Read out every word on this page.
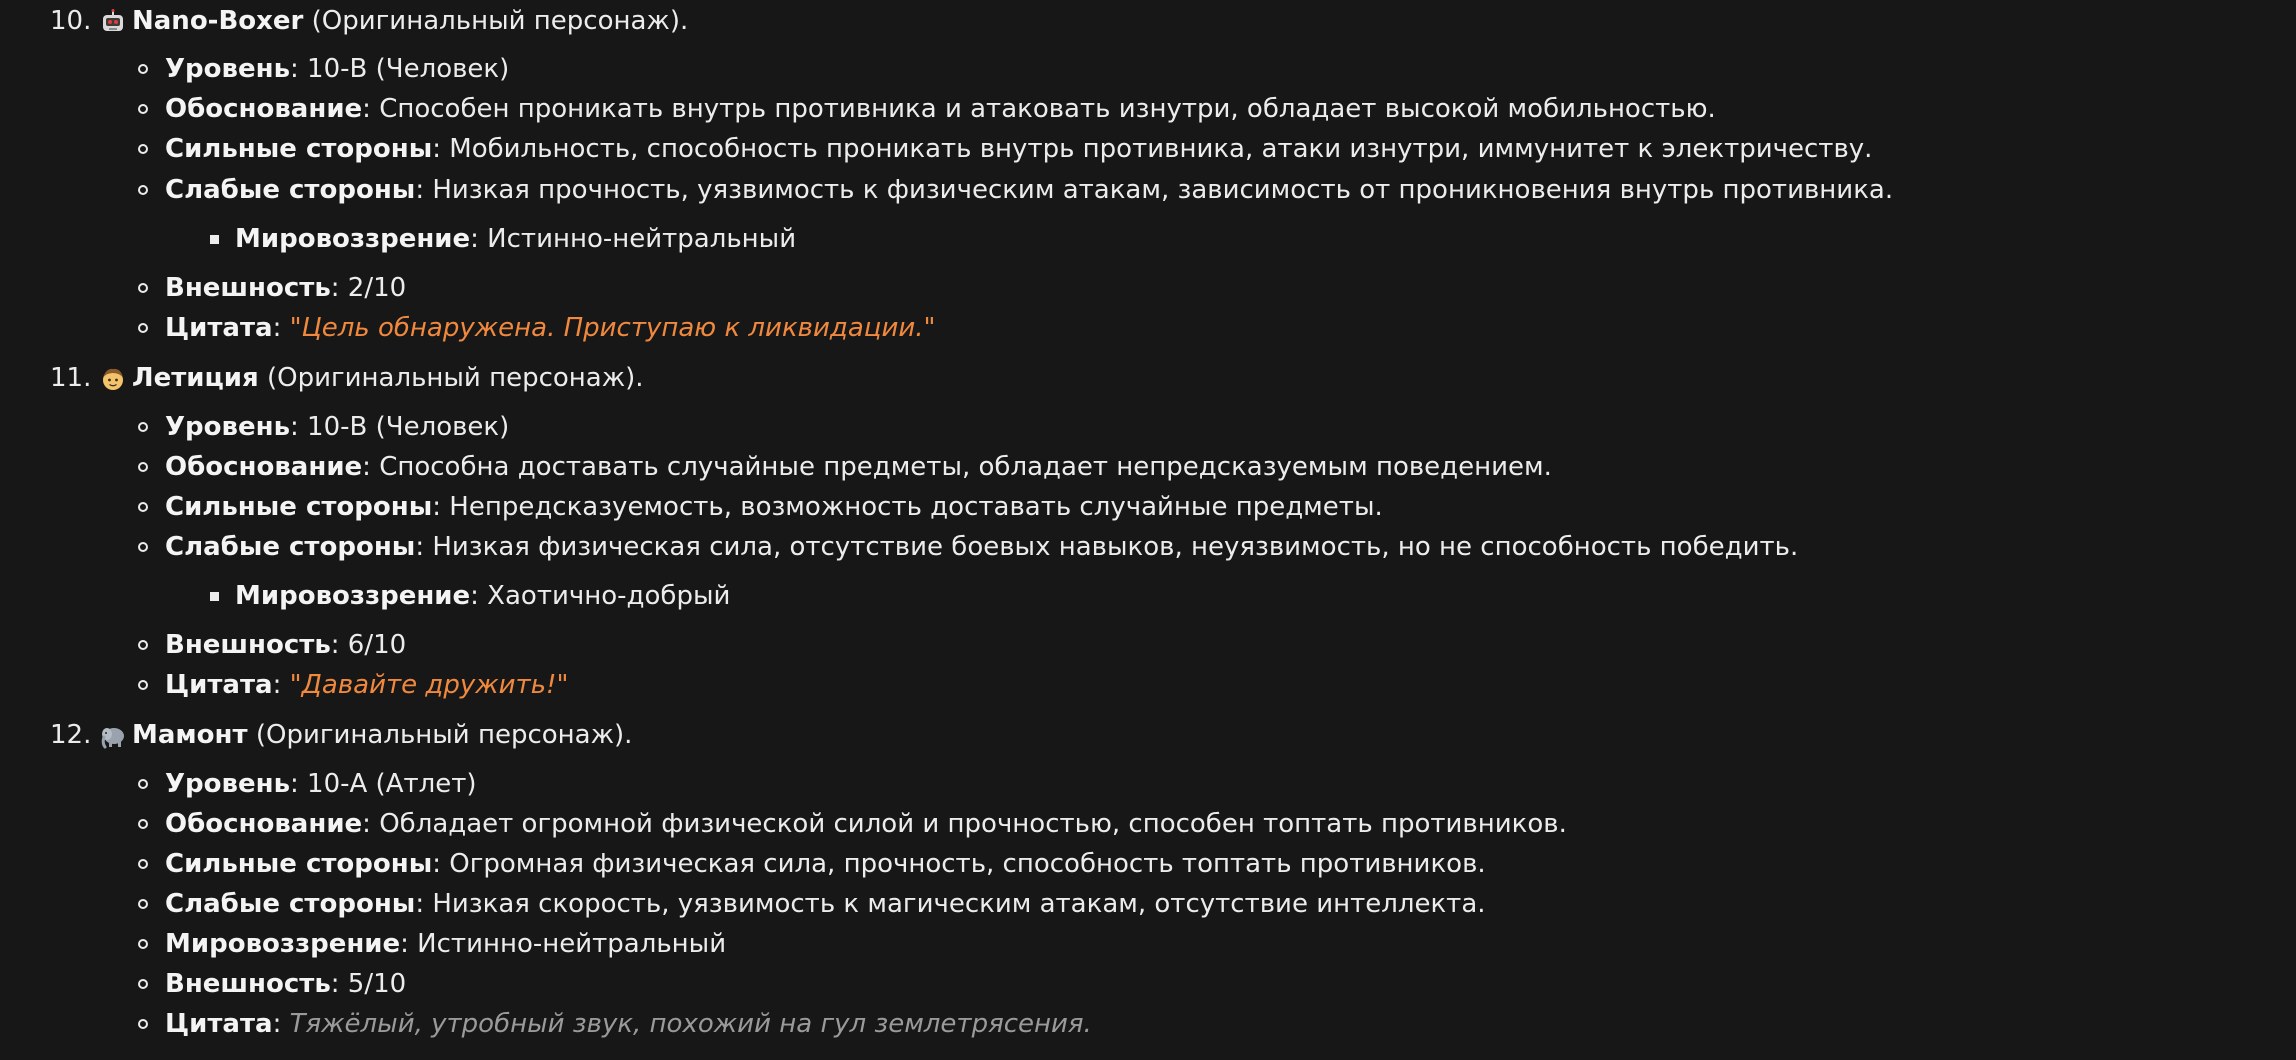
10. Nano-Boxer (Оригинальный персонаж).
Уровень: 10-B (Человек)
Обоснование: Способен проникать внутрь противника и атаковать изнутри, обладает высокой мобильностью.
Сильные стороны: Мобильность, способность проникать внутрь противника, атаки изнутри, иммунитет к электричеству.
Слабые стороны: Низкая прочность, уязвимость к физическим атакам, зависимость от проникновения внутрь противника.
Мировоззрение: Истинно-нейтральный
Внешность: 2/10
Цитата: "Цель обнаружена. Приступаю к ликвидации."
11. Летиция (Оригинальный персонаж).
Уровень: 10-B (Человек)
Обоснование: Способна доставать случайные предметы, обладает непредсказуемым поведением.
Сильные стороны: Непредсказуемость, возможность доставать случайные предметы.
Слабые стороны: Низкая физическая сила, отсутствие боевых навыков, неуязвимость, но не способность победить.
Мировоззрение: Хаотично-добрый
Внешность: 6/10
Цитата: "Давайте дружить!"
12. Мамонт (Оригинальный персонаж).
Уровень: 10-A (Атлет)
Обоснование: Обладает огромной физической силой и прочностью, способен топтать противников.
Сильные стороны: Огромная физическая сила, прочность, способность топтать противников.
Слабые стороны: Низкая скорость, уязвимость к магическим атакам, отсутствие интеллекта.
Мировоззрение: Истинно-нейтральный
Внешность: 5/10
Цитата: Тяжёлый, утробный звук, похожий на гул землетрясения.
